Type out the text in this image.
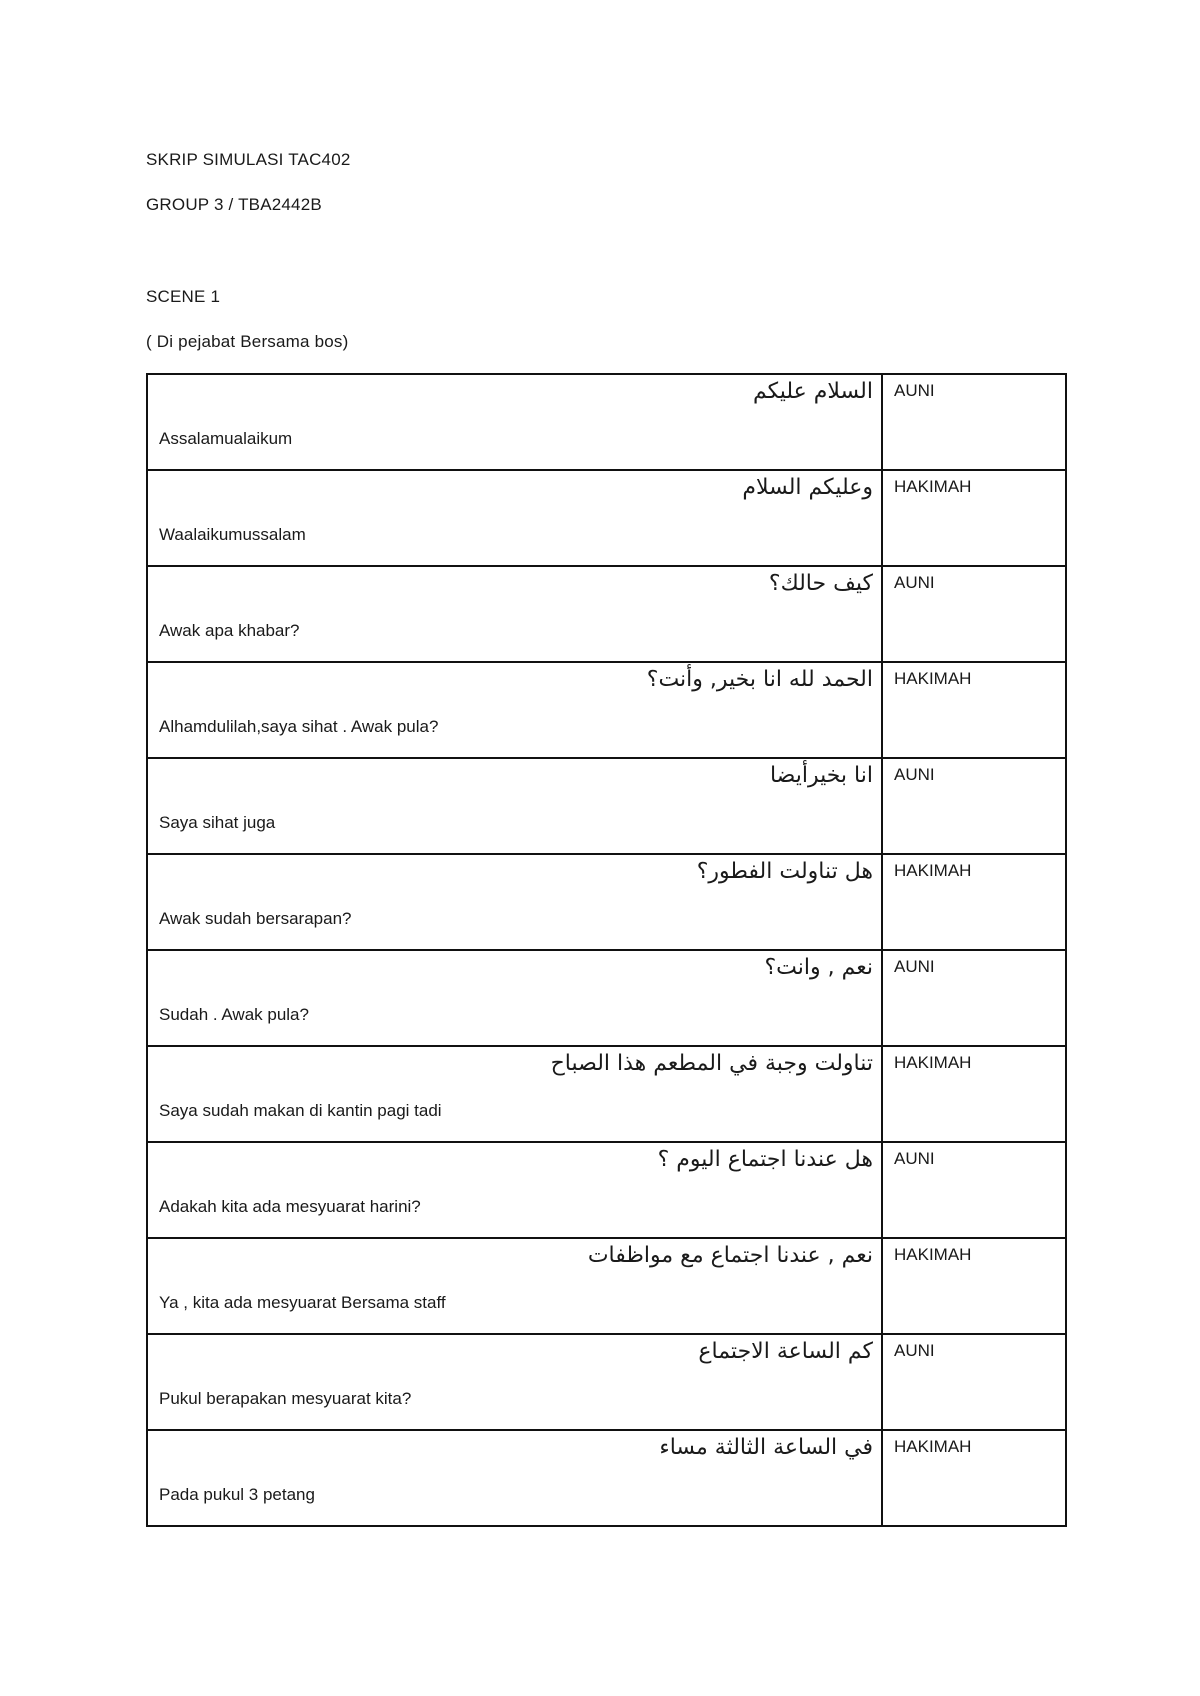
SKRIP SIMULASI TAC402
GROUP 3 / TBA2442B
SCENE 1
( Di pejabat Bersama bos)
السلام عليكم
Assalamualaikum	AUNI

وعليكم السلام
Waalaikumussalam	HAKIMAH

كيف حالك؟
Awak apa khabar?	AUNI

الحمد لله انا بخير, وأنت؟
Alhamdulilah,saya sihat . Awak pula?	HAKIMAH

انا بخيرأيضا
Saya sihat juga	AUNI

هل تناولت الفطور؟
Awak sudah bersarapan?	HAKIMAH

نعم , وانت؟
Sudah . Awak pula?	AUNI

تناولت وجبة في المطعم هذا الصباح
Saya sudah makan di kantin pagi tadi	HAKIMAH

هل عندنا اجتماع اليوم ؟
Adakah kita ada mesyuarat harini?	AUNI

نعم , عندنا اجتماع مع مواظفات
Ya , kita ada mesyuarat Bersama staff	HAKIMAH

كم الساعة الاجتماع
Pukul berapakan mesyuarat kita?	AUNI

في الساعة الثالثة مساء
Pada pukul 3 petang	HAKIMAH
